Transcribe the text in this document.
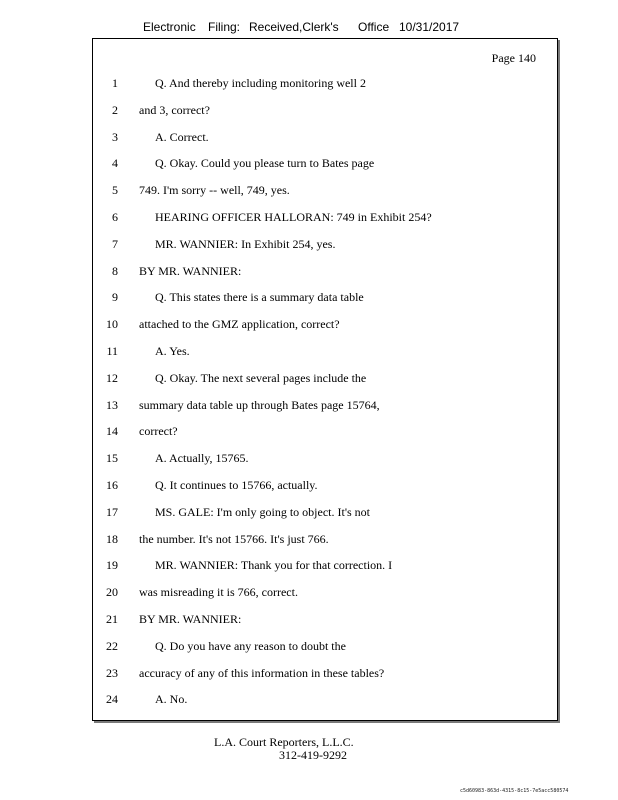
Electronic Filing: Received,Clerk's Office 10/31/2017
Page 140
1	Q. And thereby including monitoring well 2
2 and 3, correct?
3	A. Correct.
4	Q. Okay. Could you please turn to Bates page
5 749. I'm sorry -- well, 749, yes.
6	HEARING OFFICER HALLORAN: 749 in Exhibit 254?
7	MR. WANNIER: In Exhibit 254, yes.
8 BY MR. WANNIER:
9	Q. This states there is a summary data table
10 attached to the GMZ application, correct?
11	A. Yes.
12	Q. Okay. The next several pages include the
13 summary data table up through Bates page 15764,
14 correct?
15	A. Actually, 15765.
16	Q. It continues to 15766, actually.
17	MS. GALE: I'm only going to object. It's not
18 the number. It's not 15766. It's just 766.
19	MR. WANNIER: Thank you for that correction. I
20 was misreading it is 766, correct.
21 BY MR. WANNIER:
22	Q. Do you have any reason to doubt the
23 accuracy of any of this information in these tables?
24	A. No.
L.A. Court Reporters, L.L.C.
312-419-9292
c5d60983-863d-4315-8c15-7e5acc580574
